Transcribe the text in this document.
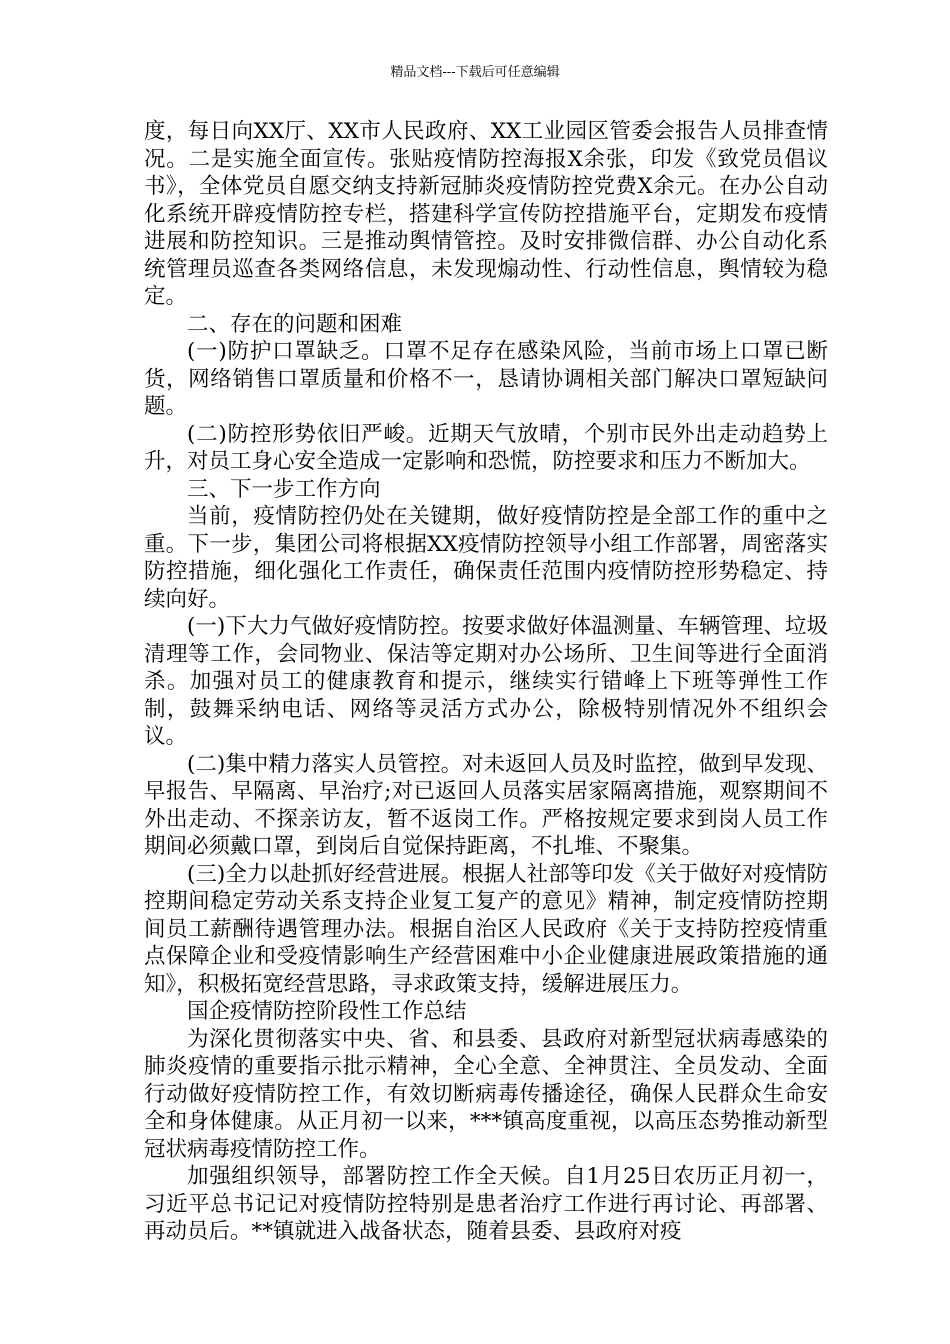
精品文档---下载后可任意编辑

度，每日向XX厅、XX市人民政府、XX工业园区管委会报告人员排查情况。二是实施全面宣传。张贴疫情防控海报X余张，印发《致党员倡议书》，全体党员自愿交纳支持新冠肺炎疫情防控党费X余元。在办公自动化系统开辟疫情防控专栏，搭建科学宣传防控措施平台，定期发布疫情进展和防控知识。三是推动舆情管控。及时安排微信群、办公自动化系统管理员巡查各类网络信息，未发现煽动性、行动性信息，舆情较为稳定。

二、存在的问题和困难

(一)防护口罩缺乏。口罩不足存在感染风险，当前市场上口罩已断货，网络销售口罩质量和价格不一，恳请协调相关部门解决口罩短缺问题。

(二)防控形势依旧严峻。近期天气放晴，个别市民外出走动趋势上升，对员工身心安全造成一定影响和恐慌，防控要求和压力不断加大。

三、下一步工作方向

当前，疫情防控仍处在关键期，做好疫情防控是全部工作的重中之重。下一步，集团公司将根据XX疫情防控领导小组工作部署，周密落实防控措施，细化强化工作责任，确保责任范围内疫情防控形势稳定、持续向好。

(一)下大力气做好疫情防控。按要求做好体温测量、车辆管理、垃圾清理等工作，会同物业、保洁等定期对办公场所、卫生间等进行全面消杀。加强对员工的健康教育和提示，继续实行错峰上下班等弹性工作制，鼓舞采纳电话、网络等灵活方式办公，除极特别情况外不组织会议。

(二)集中精力落实人员管控。对未返回人员及时监控，做到早发现、早报告、早隔离、早治疗;对已返回人员落实居家隔离措施，观察期间不外出走动、不探亲访友，暂不返岗工作。严格按规定要求到岗人员工作期间必须戴口罩，到岗后自觉保持距离，不扎堆、不聚集。

(三)全力以赴抓好经营进展。根据人社部等印发《关于做好对疫情防控期间稳定劳动关系支持企业复工复产的意见》精神，制定疫情防控期间员工薪酬待遇管理办法。根据自治区人民政府《关于支持防控疫情重点保障企业和受疫情影响生产经营困难中小企业健康进展政策措施的通知》，积极拓宽经营思路，寻求政策支持，缓解进展压力。

国企疫情防控阶段性工作总结

为深化贯彻落实中央、省、和县委、县政府对新型冠状病毒感染的肺炎疫情的重要指示批示精神，全心全意、全神贯注、全员发动、全面行动做好疫情防控工作，有效切断病毒传播途径，确保人民群众生命安全和身体健康。从正月初一以来，***镇高度重视，以高压态势推动新型冠状病毒疫情防控工作。

加强组织领导，部署防控工作全天候。自1月25日农历正月初一，习近平总书记记对疫情防控特别是患者治疗工作进行再讨论、再部署、再动员后。**镇就进入战备状态，随着县委、县政府对疫
